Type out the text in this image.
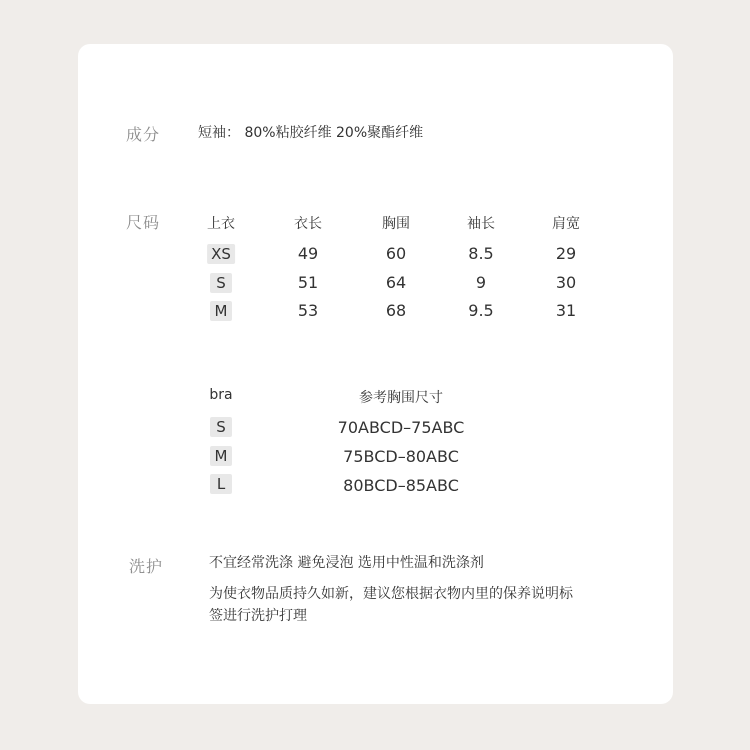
成分	短袖： 80%粘胶纤维 20%聚酯纤维
尺码	上衣	衣长	胸围	袖长	肩宽
XS	49	60	8.5	29
S	51	64	9	30
M	53	68	9.5	31
bra	参考胸围尺寸
S	70ABCD–75ABC
M	75BCD–80ABC
L	80BCD–85ABC
洗护	不宜经常洗涤 避免浸泡 选用中性温和洗涤剂
为使衣物品质持久如新，建议您根据衣物内里的保养说明标签进行洗护打理
